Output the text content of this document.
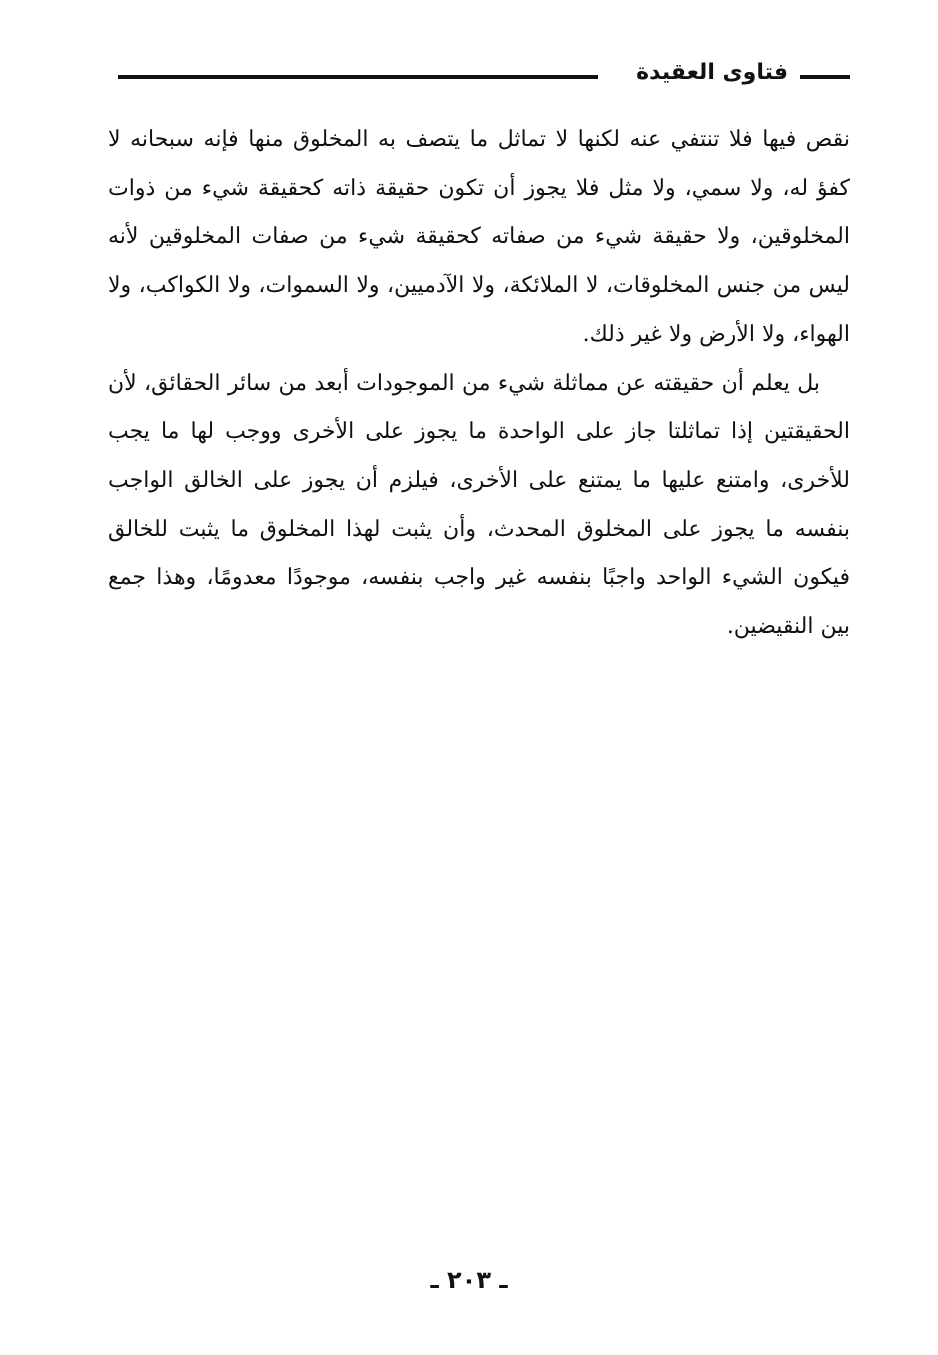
فتاوى العقيدة

نقص فيها فلا تنتفي عنه لكنها لا تماثل ما يتصف به المخلوق منها فإنه سبحانه لا كفؤ له، ولا سمي، ولا مثل فلا يجوز أن تكون حقيقة ذاته كحقيقة شيء من ذوات المخلوقين، ولا حقيقة شيء من صفاته كحقيقة شيء من صفات المخلوقين لأنه ليس من جنس المخلوقات، لا الملائكة، ولا الآدميين، ولا السموات، ولا الكواكب، ولا الهواء، ولا الأرض ولا غير ذلك.

بل يعلم أن حقيقته عن مماثلة شيء من الموجودات أبعد من سائر الحقائق، لأن الحقيقتين إذا تماثلتا جاز على الواحدة ما يجوز على الأخرى ووجب لها ما يجب للأخرى، وامتنع عليها ما يمتنع على الأخرى، فيلزم أن يجوز على الخالق الواجب بنفسه ما يجوز على المخلوق المحدث، وأن يثبت لهذا المخلوق ما يثبت للخالق فيكون الشيء الواحد واجبًا بنفسه غير واجب بنفسه، موجودًا معدومًا، وهذا جمع بين النقيضين.

ـ ٢٠٣ ـ
